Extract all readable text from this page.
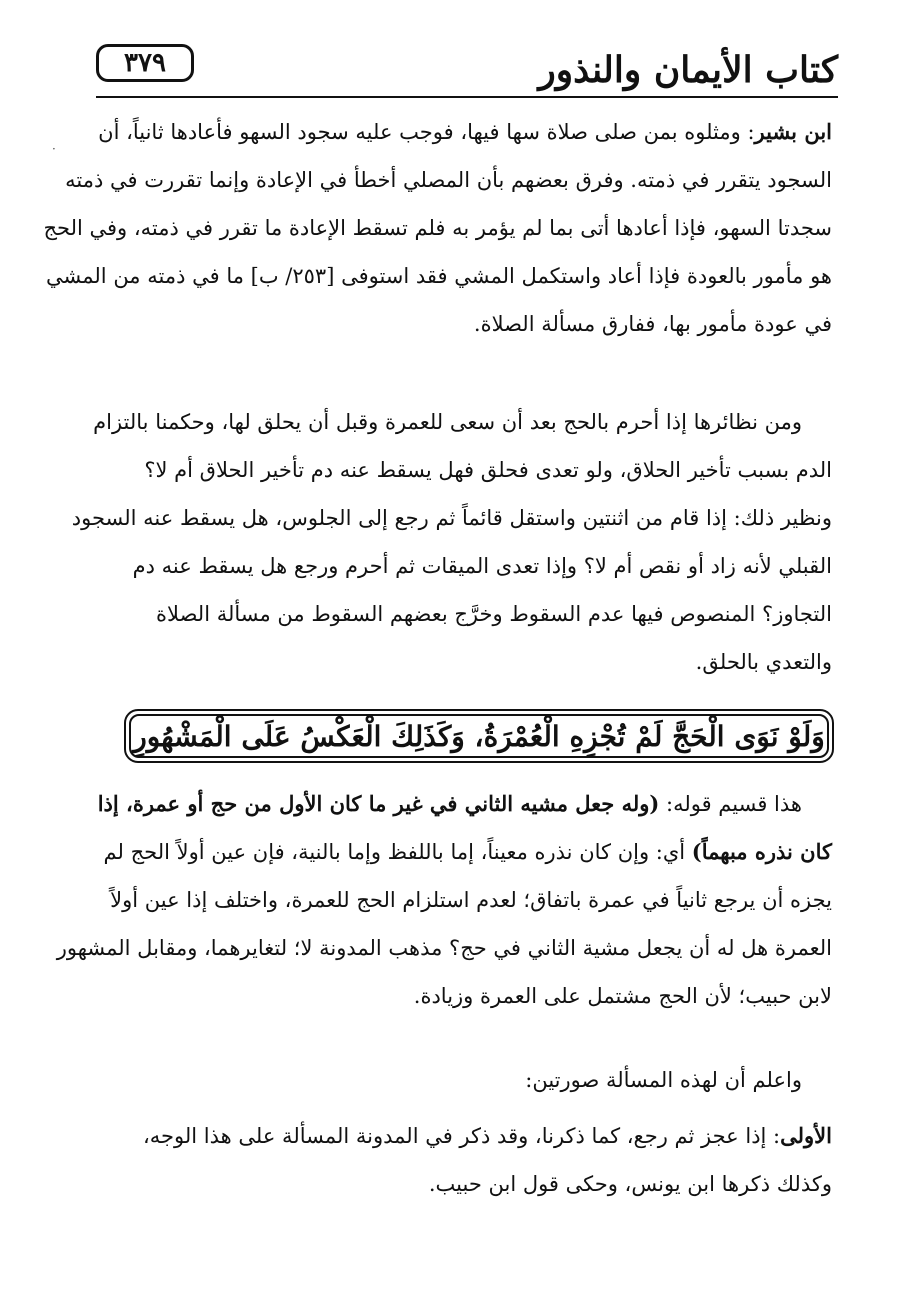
كتاب الأيمان والنذور
٣٧٩
·
ابن بشير: ومثلوه بمن صلى صلاة سها فيها، فوجب عليه سجود السهو فأعادها ثانياً، أن
السجود يتقرر في ذمته. وفرق بعضهم بأن المصلي أخطأ في الإعادة وإنما تقررت في ذمته
سجدتا السهو، فإذا أعادها أتى بما لم يؤمر به فلم تسقط الإعادة ما تقرر في ذمته، وفي الحج
هو مأمور بالعودة فإذا أعاد واستكمل المشي فقد استوفى [٢٥٣/ ب] ما في ذمته من المشي
في عودة مأمور بها، ففارق مسألة الصلاة.
ومن نظائرها إذا أحرم بالحج بعد أن سعى للعمرة وقبل أن يحلق لها، وحكمنا بالتزام
الدم بسبب تأخير الحلاق، ولو تعدى فحلق فهل يسقط عنه دم تأخير الحلاق أم لا؟
ونظير ذلك: إذا قام من اثنتين واستقل قائماً ثم رجع إلى الجلوس، هل يسقط عنه السجود
القبلي لأنه زاد أو نقص أم لا؟ وإذا تعدى الميقات ثم أحرم ورجع هل يسقط عنه دم
التجاوز؟ المنصوص فيها عدم السقوط وخرَّج بعضهم السقوط من مسألة الصلاة
والتعدي بالحلق.
وَلَوْ نَوَى الْحَجَّ لَمْ تُجْزِهِ الْعُمْرَةُ، وَكَذَلِكَ الْعَكْسُ عَلَى الْمَشْهُورِ
هذا قسيم قوله: (وله جعل مشيه الثاني في غير ما كان الأول من حج أو عمرة، إذا
كان نذره مبهماً) أي: وإن كان نذره معيناً، إما باللفظ وإما بالنية، فإن عين أولاً الحج لم
يجزه أن يرجع ثانياً في عمرة باتفاق؛ لعدم استلزام الحج للعمرة، واختلف إذا عين أولاً
العمرة هل له أن يجعل مشية الثاني في حج؟ مذهب المدونة لا؛ لتغايرهما، ومقابل المشهور
لابن حبيب؛ لأن الحج مشتمل على العمرة وزيادة.
واعلم أن لهذه المسألة صورتين:
الأولى: إذا عجز ثم رجع، كما ذكرنا، وقد ذكر في المدونة المسألة على هذا الوجه،
وكذلك ذكرها ابن يونس، وحكى قول ابن حبيب.
